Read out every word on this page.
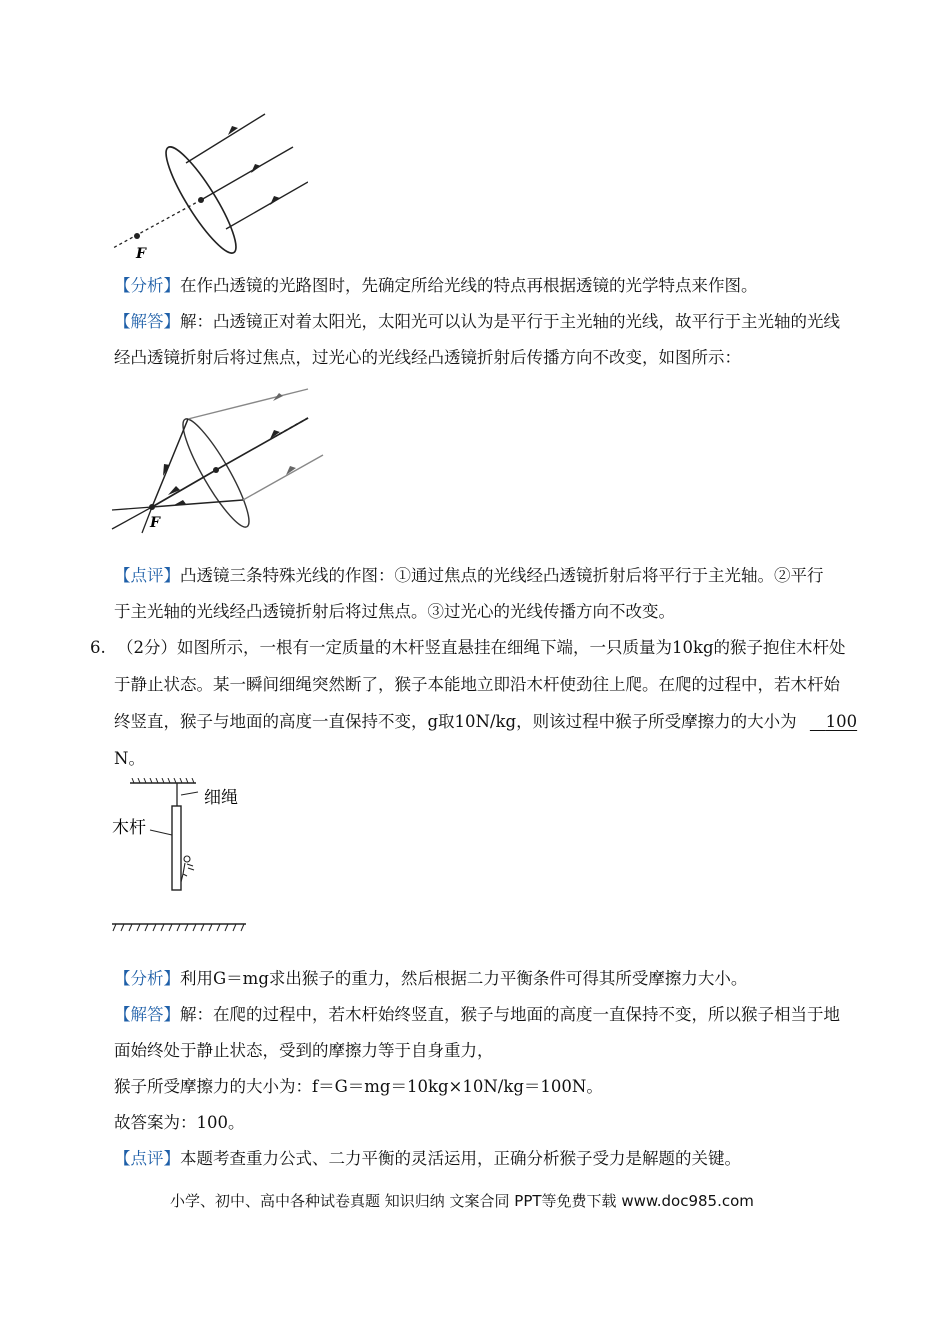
F
【分析】在作凸透镜的光路图时，先确定所给光线的特点再根据透镜的光学特点来作图。
【解答】解：凸透镜正对着太阳光，太阳光可以认为是平行于主光轴的光线，故平行于主光轴的光线
经凸透镜折射后将过焦点，过光心的光线经凸透镜折射后传播方向不改变，如图所示：
F
【点评】凸透镜三条特殊光线的作图：①通过焦点的光线经凸透镜折射后将平行于主光轴。②平行
于主光轴的光线经凸透镜折射后将过焦点。③过光心的光线传播方向不改变。
6. （2分）如图所示，一根有一定质量的木杆竖直悬挂在细绳下端，一只质量为10kg的猴子抱住木杆处
于静止状态。某一瞬间细绳突然断了，猴子本能地立即沿木杆使劲往上爬。在爬的过程中，若木杆始
终竖直，猴子与地面的高度一直保持不变，g取10N/kg，则该过程中猴子所受摩擦力的大小为 100
N。
细绳
木杆
【分析】利用G＝mg求出猴子的重力，然后根据二力平衡条件可得其所受摩擦力大小。
【解答】解：在爬的过程中，若木杆始终竖直，猴子与地面的高度一直保持不变，所以猴子相当于地
面始终处于静止状态，受到的摩擦力等于自身重力，
猴子所受摩擦力的大小为：f＝G＝mg＝10kg×10N/kg＝100N。
故答案为：100。
【点评】本题考查重力公式、二力平衡的灵活运用，正确分析猴子受力是解题的关键。
小学、初中、高中各种试卷真题 知识归纳 文案合同 PPT等免费下载 www.doc985.com
